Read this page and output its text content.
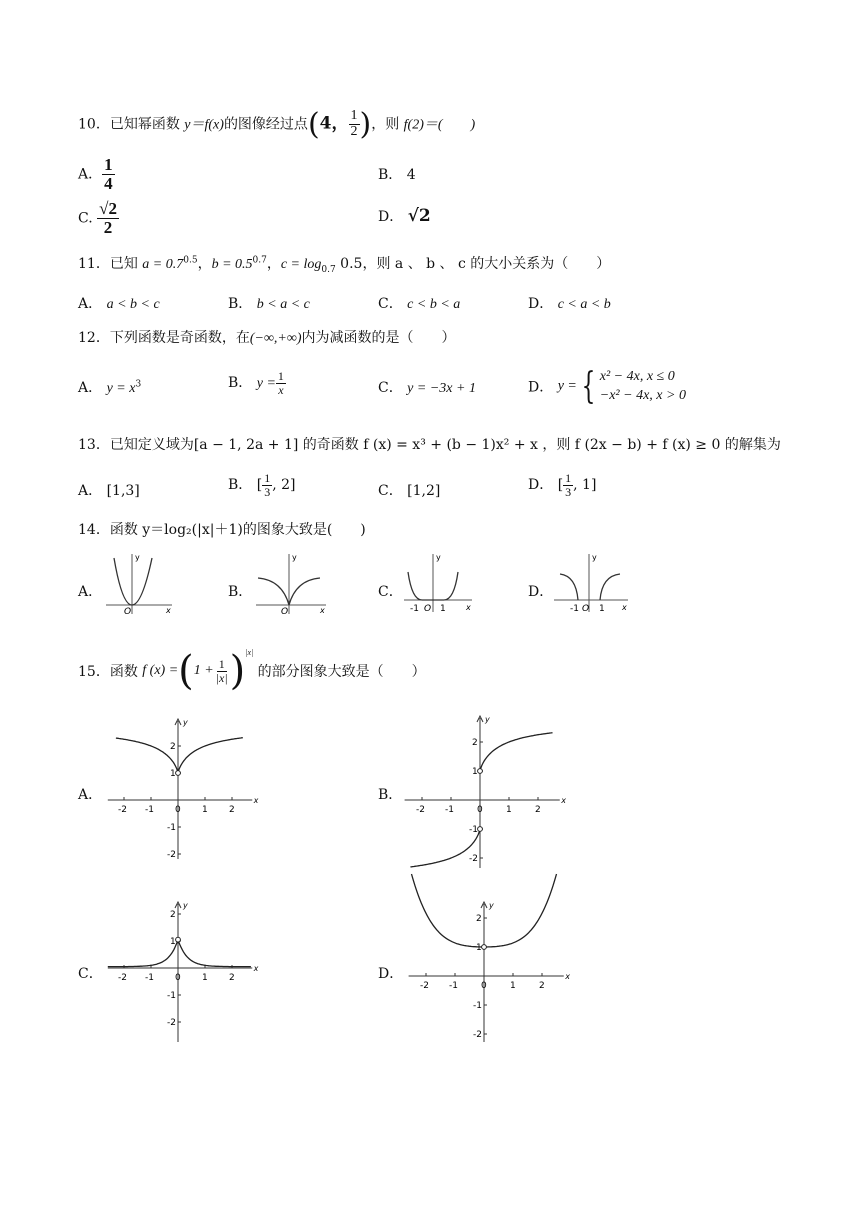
10．已知幂函数 y＝f(x)的图像经过点(4， $\frac{1}{2}$ )，则 f(2)＝(　　)
A． $\frac{1}{4}$	B． 4
C. $\frac{√2}{2}$	D． √2
11．已知 $a = 0.7^{0.5}$，$b = 0.5^{0.7}$，$c = \log_{0.7} 0.5$，则 a 、 b 、 c 的大小关系为（　　）
A． a < b < c	B． b < a < c	C． c < b < a	D． c < a < b
12．下列函数是奇函数，在(−∞,+∞)内为减函数的是（　　）
A． $y = x^3$	B． $y = \frac{1}{x}$	C． y = −3x + 1	D． y = { x² − 4x, x ≤ 0
−x² − 4x, x > 0
13．已知定义域为[a − 1, 2a + 1] 的奇函数 f (x) = x³ + (b − 1)x² + x ，则 f (2x − b) + f (x) ≥ 0 的解集为
A． [1,3]	B． [ $\frac{1}{3}$ , 2]	C． [1,2]	D． [ $\frac{1}{3}$ , 1]
14．函数 y＝log₂(|x|＋1)的图象大致是(　　)
A．
y
x
O
B．
y
x
O
C．
y
x
-1 O 1
D．
y
x
-1 O 1
15．函数 f $(x) =(1 + \frac{1}{|x|} )^{|x|}$ 的部分图象大致是（　　）
A．
y
x
-2 -1 0 1 2
2
1
-1
-2
B．
y
x
-2 -1	0	1	2
2
1
-1
-2
C．
y
x
-2 -1 0 1 2
2
1
-1
-2
D．
y
x
-2 -1	0	1	2
2
1
-1
-2
